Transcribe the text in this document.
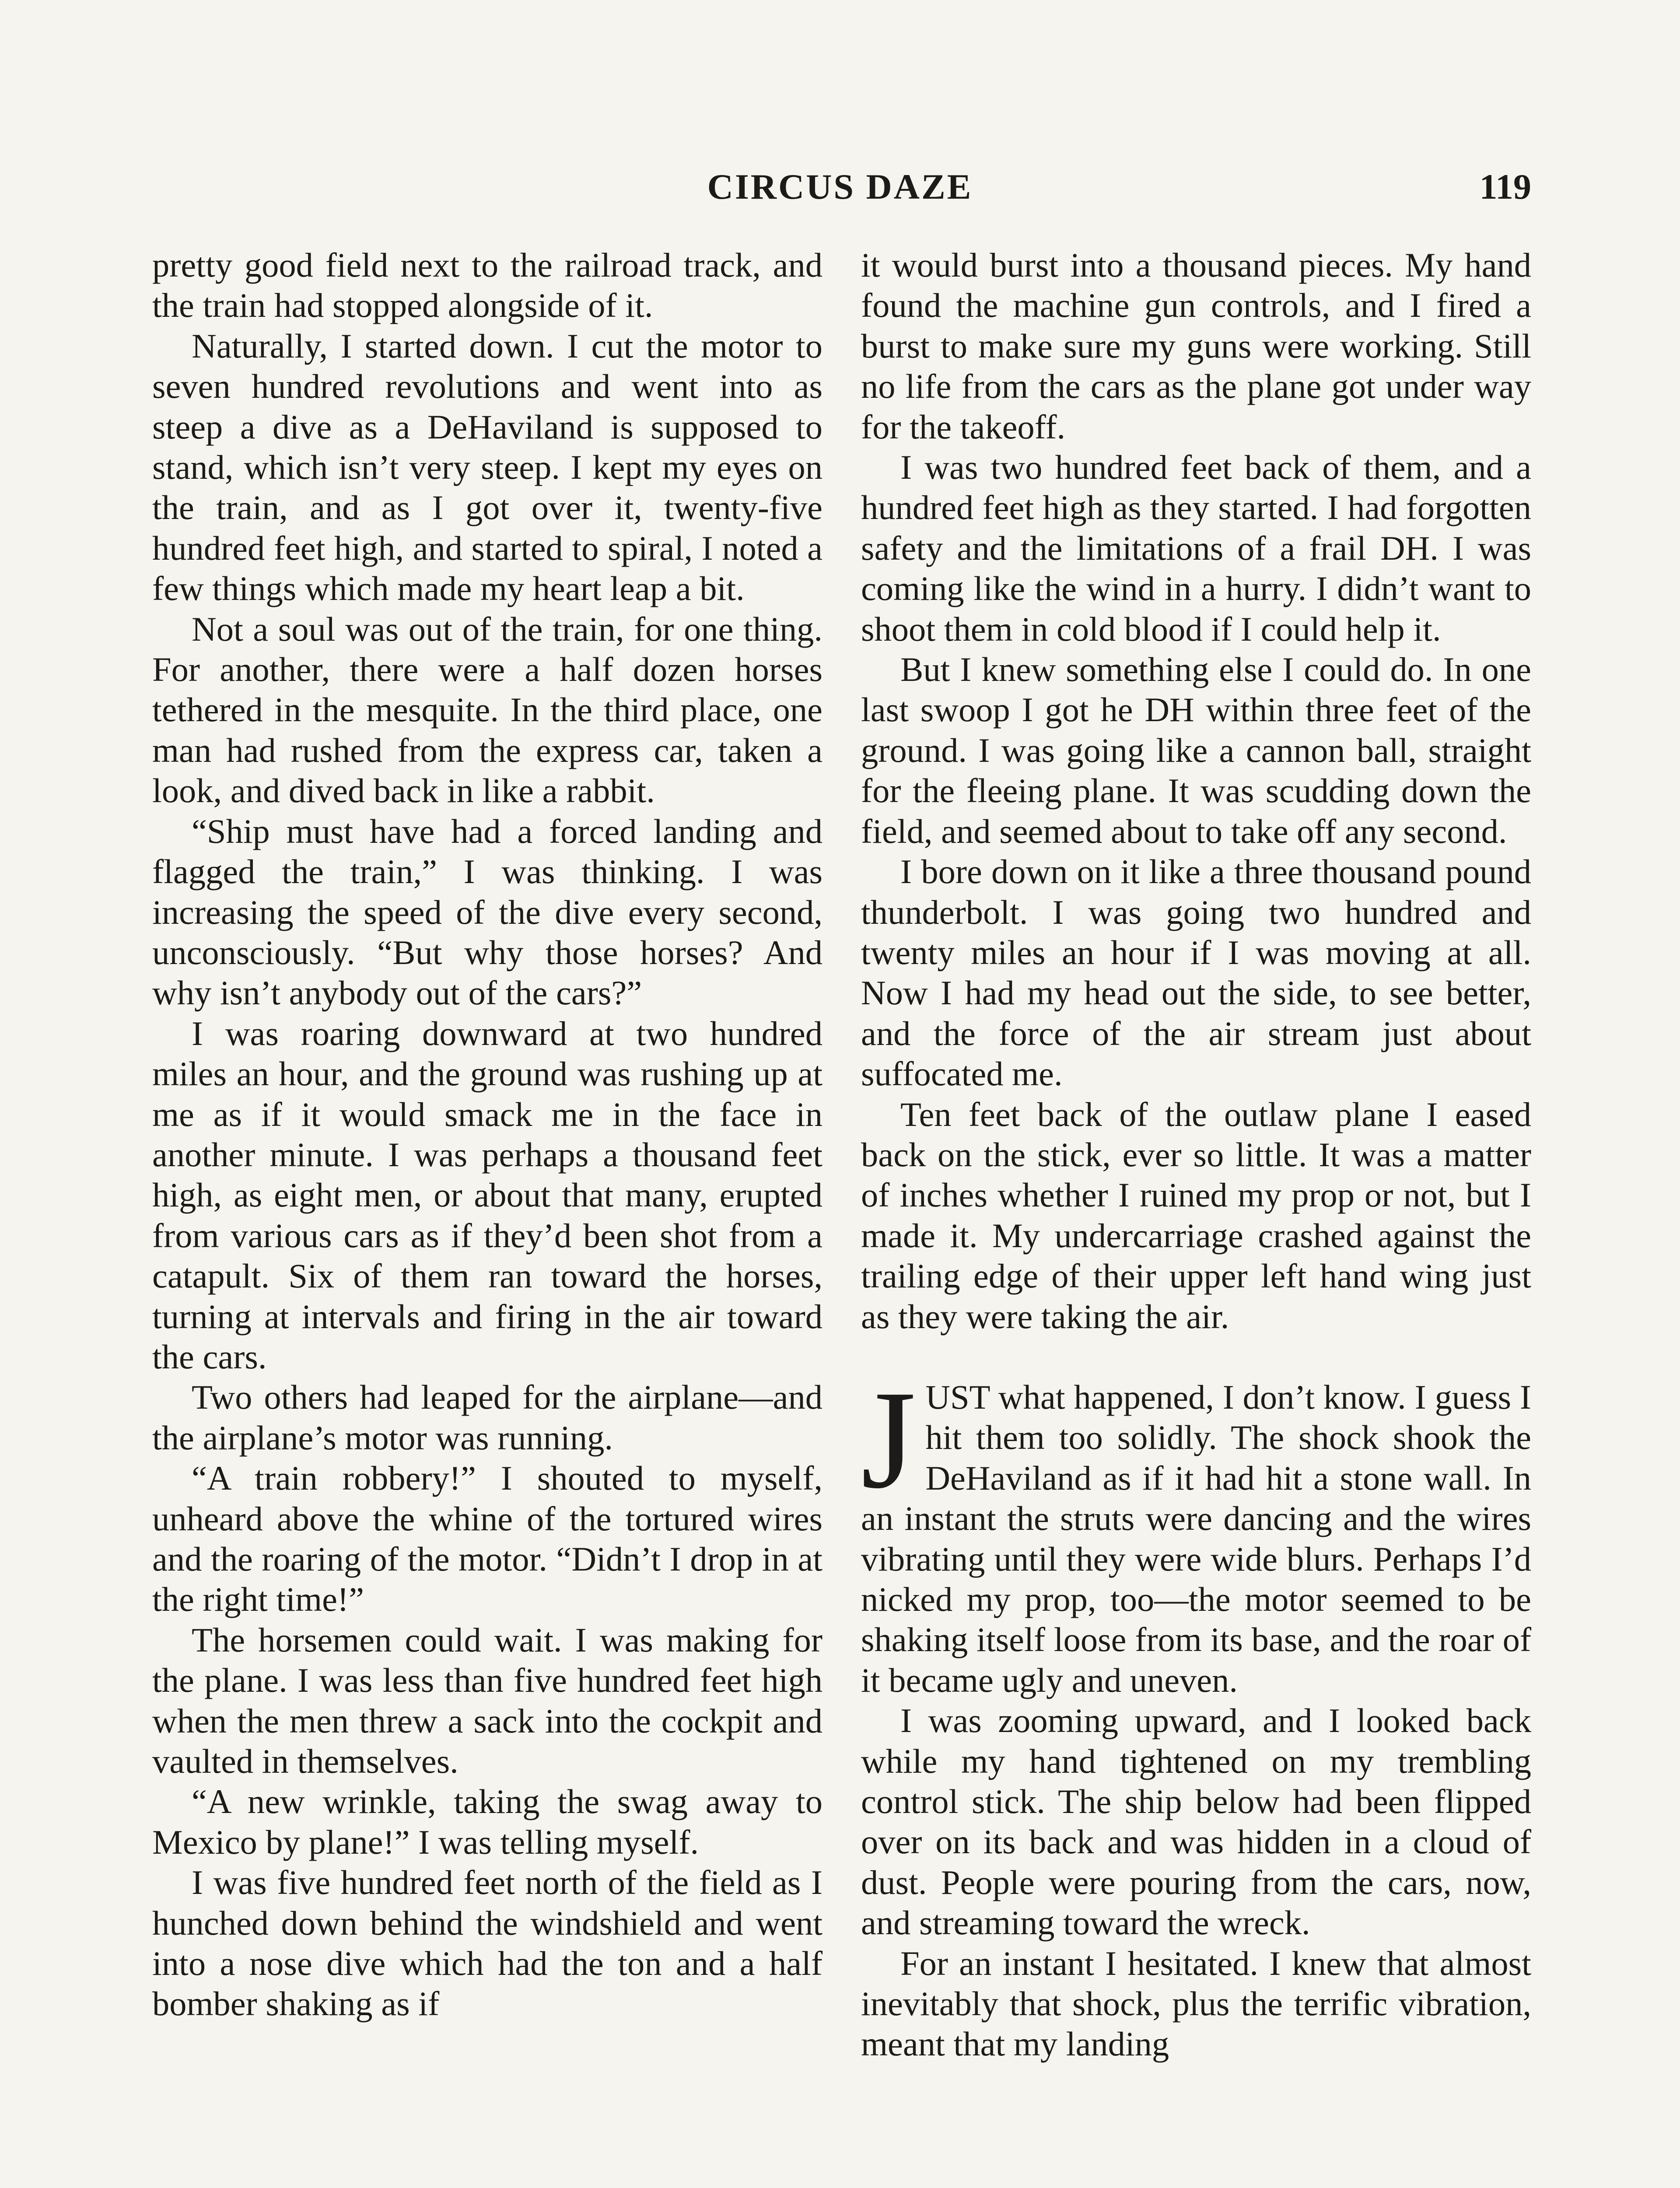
CIRCUS DAZE	119

pretty good field next to the railroad track, and the train had stopped alongside of it.

Naturally, I started down. I cut the motor to seven hundred revolutions and went into as steep a dive as a DeHaviland is supposed to stand, which isn’t very steep. I kept my eyes on the train, and as I got over it, twenty-five hundred feet high, and started to spiral, I noted a few things which made my heart leap a bit.

Not a soul was out of the train, for one thing. For another, there were a half dozen horses tethered in the mesquite. In the third place, one man had rushed from the express car, taken a look, and dived back in like a rabbit.

“Ship must have had a forced landing and flagged the train,” I was thinking. I was increasing the speed of the dive every second, unconsciously. “But why those horses? And why isn’t anybody out of the cars?”

I was roaring downward at two hundred miles an hour, and the ground was rushing up at me as if it would smack me in the face in another minute. I was perhaps a thousand feet high, as eight men, or about that many, erupted from various cars as if they’d been shot from a catapult. Six of them ran toward the horses, turning at intervals and firing in the air toward the cars.

Two others had leaped for the airplane—and the airplane’s motor was running.

“A train robbery!” I shouted to myself, unheard above the whine of the tortured wires and the roaring of the motor. “Didn’t I drop in at the right time!”

The horsemen could wait. I was making for the plane. I was less than five hundred feet high when the men threw a sack into the cockpit and vaulted in themselves.

“A new wrinkle, taking the swag away to Mexico by plane!” I was telling myself.

I was five hundred feet north of the field as I hunched down behind the windshield and went into a nose dive which had the ton and a half bomber shaking as if

it would burst into a thousand pieces. My hand found the machine gun controls, and I fired a burst to make sure my guns were working. Still no life from the cars as the plane got under way for the takeoff.

I was two hundred feet back of them, and a hundred feet high as they started. I had forgotten safety and the limitations of a frail DH. I was coming like the wind in a hurry. I didn’t want to shoot them in cold blood if I could help it.

But I knew something else I could do. In one last swoop I got he DH within three feet of the ground. I was going like a cannon ball, straight for the fleeing plane. It was scudding down the field, and seemed about to take off any second.

I bore down on it like a three thousand pound thunderbolt. I was going two hundred and twenty miles an hour if I was moving at all. Now I had my head out the side, to see better, and the force of the air stream just about suffocated me.

Ten feet back of the outlaw plane I eased back on the stick, ever so little. It was a matter of inches whether I ruined my prop or not, but I made it. My undercarriage crashed against the trailing edge of their upper left hand wing just as they were taking the air.

JUST what happened, I don’t know. I guess I hit them too solidly. The shock shook the DeHaviland as if it had hit a stone wall. In an instant the struts were dancing and the wires vibrating until they were wide blurs. Perhaps I’d nicked my prop, too—the motor seemed to be shaking itself loose from its base, and the roar of it became ugly and uneven.

I was zooming upward, and I looked back while my hand tightened on my trembling control stick. The ship below had been flipped over on its back and was hidden in a cloud of dust. People were pouring from the cars, now, and streaming toward the wreck.

For an instant I hesitated. I knew that almost inevitably that shock, plus the terrific vibration, meant that my landing
